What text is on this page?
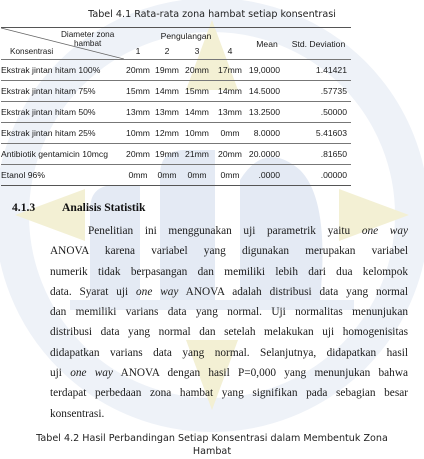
Tabel 4.1 Rata-rata zona hambat setiap konsentrasi
Diameter zona
hambat
Konsentrasi	Pengulangan				Mean	Std. Deviation
	1	2	3	4		
Ekstrak jintan hitam 100%	20mm	19mm	20mm	17mm	19,0000	1.41421
Ekstrak jintan hitam 75%	15mm	14mm	15mm	14mm	14.5000	.57735
Ekstrak jintan hitam 50%	13mm	13mm	14mm	13mm	13.2500	.50000
Ekstrak jintan hitam 25%	10mm	12mm	10mm	0mm	8.0000	5.41603
Antibiotik gentamicin 10mcg	20mm	19mm	21mm	20mm	20.0000	.81650
Etanol 96%	0mm	0mm	0mm	0mm	.0000	.00000
4.1.3 Analisis Statistik
Penelitian ini menggunakan uji parametrik yaitu one way
ANOVA karena variabel yang digunakan merupakan variabel
numerik tidak berpasangan dan memiliki lebih dari dua kelompok
data. Syarat uji one way ANOVA adalah distribusi data yang normal
dan memiliki varians data yang normal. Uji normalitas menunjukan
distribusi data yang normal dan setelah melakukan uji homogenisitas
didapatkan varians data yang normal. Selanjutnya, didapatkan hasil
uji one way ANOVA dengan hasil P=0,000 yang menunjukan bahwa
terdapat perbedaan zona hambat yang signifikan pada sebagian besar
konsentrasi.
Tabel 4.2 Hasil Perbandingan Setiap Konsentrasi dalam Membentuk Zona
Hambat
